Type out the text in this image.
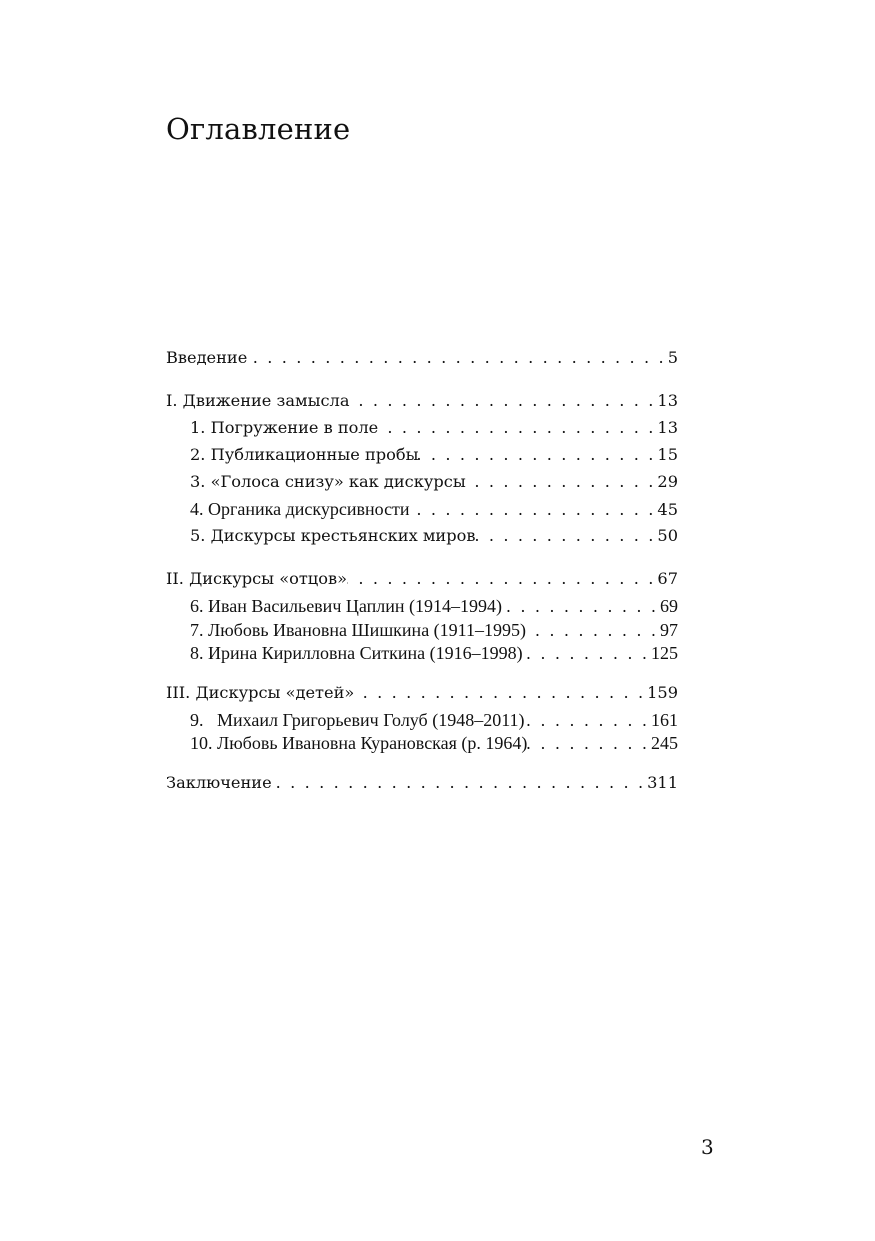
Оглавление
Введение . . .	5
I. Движение замысла . . .	13
1. Погружение в поле . . .	13
2. Публикационные пробы . . .	15
3. «Голоса снизу» как дискурсы . . .	29
4. Органика дискурсивности . . .	45
5. Дискурсы крестьянских миров . . .	50
II. Дискурсы «отцов» . . .	67
6. Иван Васильевич Цаплин (1914–1994) . . .	69
7. Любовь Ивановна Шишкина (1911–1995) . . .	97
8. Ирина Кирилловна Ситкина (1916–1998) . . .	125
III. Дискурсы «детей» . . .	159
9.   Михаил Григорьевич Голуб (1948–2011) . . .	161
10. Любовь Ивановна Курановская (р. 1964) . . .	245
Заключение . . .	311
3
